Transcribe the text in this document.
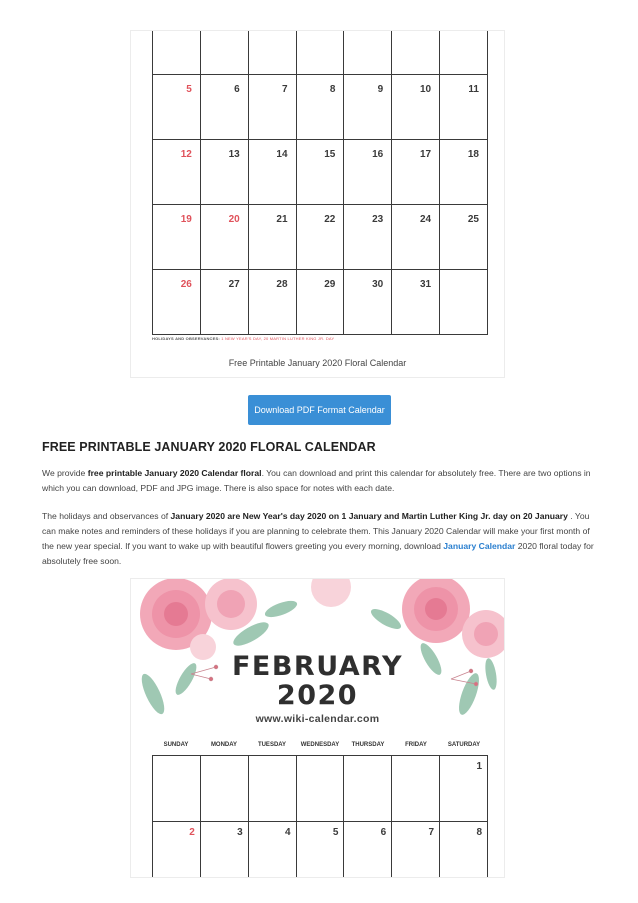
5	6	7	8	9	10	11
12	13	14	15	16	17	18
19	20	21	22	23	24	25
26	27	28	29	30	31	
HOLIDAYS AND OBSERVANCES: 1 NEW YEAR'S DAY, 20 MARTIN LUTHER KING JR. DAY
Free Printable January 2020 Floral Calendar
Download PDF Format Calendar
FREE PRINTABLE JANUARY 2020 FLORAL CALENDAR

We provide free printable January 2020 Calendar floral. You can download and print this calendar for absolutely free. There are two options in which you can download, PDF and JPG image. There is also space for notes with each date.

The holidays and observances of January 2020 are New Year's day 2020 on 1 January and Martin Luther King Jr. day on 20 January . You can make notes and reminders of these holidays if you are planning to celebrate them. This January 2020 Calendar will make your first month of the new year special. If you want to wake up with beautiful flowers greeting you every morning, download January Calendar 2020 floral today for absolutely free soon.

FEBRUARY
2020
www.wiki-calendar.com
SUNDAY	MONDAY	TUESDAY	WEDNESDAY	THURSDAY	FRIDAY	SATURDAY
						1
2	3	4	5	6	7	8
